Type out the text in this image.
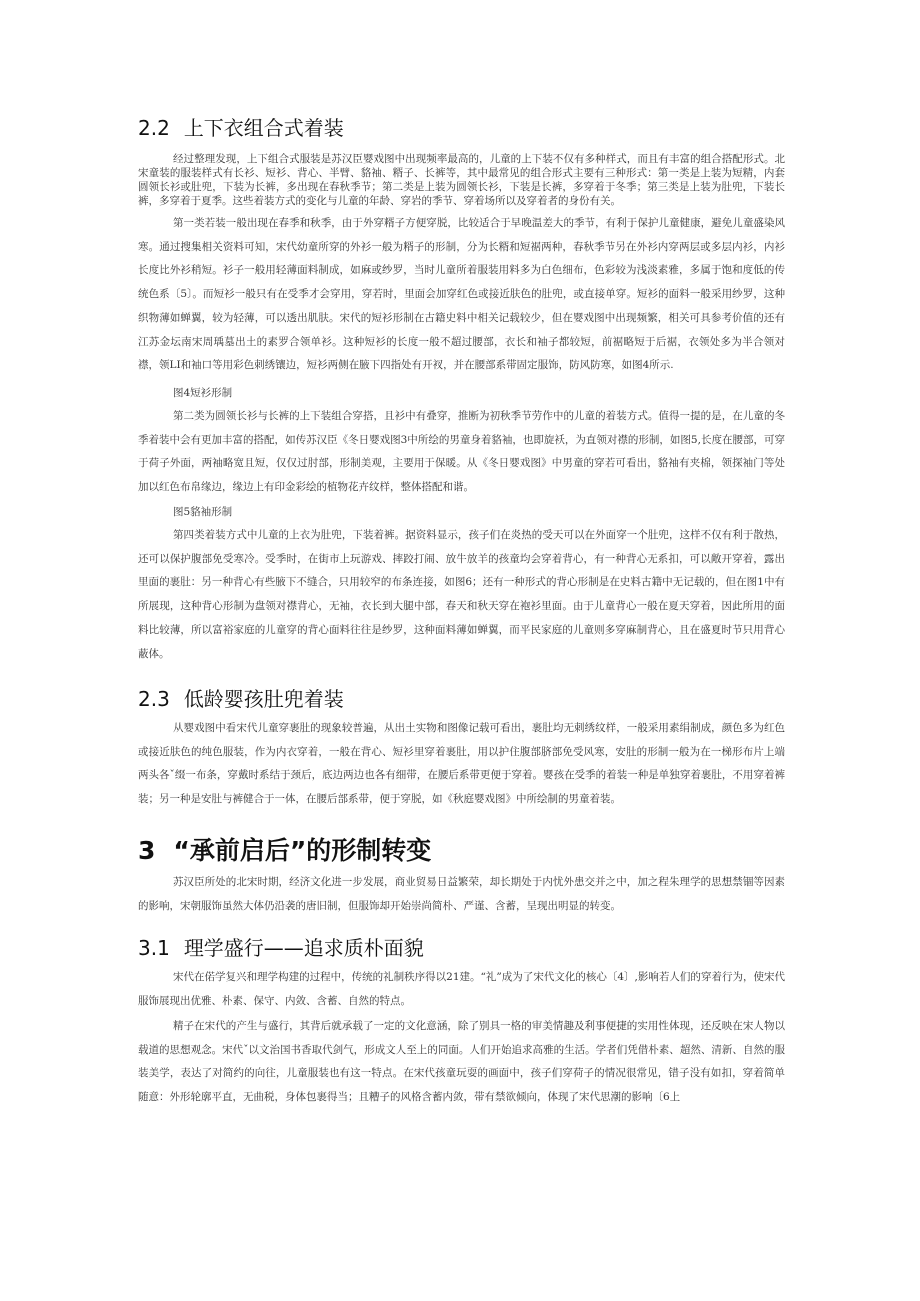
2.2 上下衣组合式着装
经过整理发现，上下组合式服装是苏汉臣婴戏图中出现频率最高的，儿童的上下装不仅有多种样式，而且有丰富的组合搭配形式。北宋童装的服装样式有长衫、短衫、背心、半臂、貉袖、糈子、长裤等，其中最常见的组合形式主要有三种形式：第一类是上装为短精，内套圆领长衫或肚兜，下装为长裤，多出现在春秋季节；第二类是上装为圆领长衫，下装是长裤，多穿着于冬季；第三类是上装为肚兜，下装长裤，多穿着于夏季。这些着装方式的变化与儿童的年龄、穿岩的季节、穿着场所以及穿着者的身份有关。
第一类若装一般出现在春季和秋季，由于外穿糈子方便穿脱，比较适合于早晚温差大的季节，有利于保护儿童健康，避免儿童盛染风寒。通过搜集相关资料可知，宋代幼童所穿的外衫一般为糈子的形制，分为长糈和短裾两种，春秋季节另在外衫内穿两层或多层内衫，内衫长度比外衫稍短。衫子一般用轻薄面料制成，如麻或纱罗，当时儿童所着服装用料多为白色细布，色彩较为浅淡素雅，多属于饱和度低的传统色系〔5〕。而短衫一般只有在受季才会穿用，穿若时，里面会加穿红色或接近肤色的肚兜，或直接单穿。短衫的面料一般采用纱罗，这种织物薄如蝉翼，较为轻薄，可以透出肌肤。宋代的短衫形制在古籍史料中相关记载较少，但在婴戏图中出现频繁，相关可具参考价值的还有江苏金坛南宋周瑀墓出土的素罗合领单衫。这种短衫的长度一般不超过腰部，衣长和袖子都较短，前裾略短于后裾，衣领处多为半合领对襟，领LI和袖口等用彩色刺绣镶边，短衫两侧在腋下四指处有开衩，并在腰部系带固定服饰，防风防寒，如图4所示.
图4短衫形制
第二类为圆领长衫与长裤的上下装组合穿搭，且衫中有叠穿，推断为初秋季节劳作中的儿童的着装方式。值得一提的是，在儿童的冬季着装中会有更加丰富的搭配，如传苏汉臣《冬日婴戏图3中所绘的男童身着貉袖，也即旋袄，为直领对襟的形制，如图5,长度在腰部，可穿于荷子外面，两袖略宽且短，仅仅过肘部，形制美观，主要用于保暖。从《冬日婴戏图》中男童的穿若可看出，貉袖有夹棉，领探袖门等处加以红色布帛缘边，缘边上有印金彩绘的植物花卉纹样，整体搭配和谐。
图5貉袖形制
第四类着装方式中儿童的上衣为肚兜，下装着裤。据资料显示，孩子们在炎热的受天可以在外面穿一个肚兜，这样不仅有利于散热，还可以保护腹部免受寒冷。受季时，在街市上玩游戏、摔跤打闹、放牛放羊的孩童均会穿着背心，有一种背心无系扣，可以敞开穿着，露出里面的裹肚：另一种背心有些腋下不缝合，只用较窄的布条连接，如图6；还有一种形式的背心形制是在史料古籍中无记载的，但在图1中有所展现，这种背心形制为盘领对襟背心，无袖，衣长到大腿中部，春天和秋天穿在袍衫里面。由于儿童背心一般在夏天穿着，因此所用的面料比较薄，所以富裕家庭的儿童穿的背心面料往往是纱罗，这种面料薄如蝉翼，而平民家庭的儿童则多穿麻制背心，且在盛夏时节只用背心蔽体。
2.3 低龄婴孩肚兜着装
从婴戏图中看宋代儿童穿裹肚的现象较普遍，从出土实物和图像记载可看出，裹肚均无刺绣纹样，一般采用素绢制成，颜色多为红色或接近肤色的纯色服装，作为内衣穿着，一般在背心、短衫里穿着裹肚，用以护住腹部脐部免受风寒，安肚的形制一般为在一梯形布片上端两头各ˇ缀一布条，穿戴时系结于颈后，底边两边也各有细带，在腰后系带更便于穿着。婴孩在受季的着装一种是单独穿着裹肚，不用穿着裤装；另一种是安肚与裤健合于一体，在腰后部系带，便于穿脱，如《秋庭婴戏图》中所绘制的男童着装。
3 “承前启后”的形制转变
苏汉臣所处的北宋时期，经济文化进一步发展，商业贸易日益繁荣，却长期处于内忧外患交并之中，加之程朱理学的思想禁锢等因素的影响，宋朝服饰虽然大体仍沿袭的唐旧制，但服饰却开始崇尚简朴、严谨、含蓄，呈现出明显的转变。
3.1 理学盛行——追求质朴面貌
宋代在偌学复兴和理学构建的过程中，传统的礼制秩序得以21建。“礼”成为了宋代文化的核心〔4〕,影响若人们的穿着行为，使宋代服饰展现出优雅、朴素、保守、内敛、含蓄、自然的特点。
精子在宋代的产生与盛行，其背后就承载了一定的文化意涵，除了别具一格的审美情趣及利事便捷的实用性体现，还反映在宋人物以载道的思想观念。宋代ˇ以文治国书香取代剑气，形成文人至上的同面。人们开始追求高雅的生活。学者们凭借朴素、超然、清新、自然的服装美学，表达了对简约的向往，儿童服装也有这一特点。在宋代孩童玩耍的画面中，孩子们穿荷子的情况很常见，错子没有如扣，穿着简单随意：外形轮廓平直，无曲税，身体包裹得当；且糟子的风格含蓄内敛，带有禁欲倾向，体现了宋代思潮的影响〔6上
